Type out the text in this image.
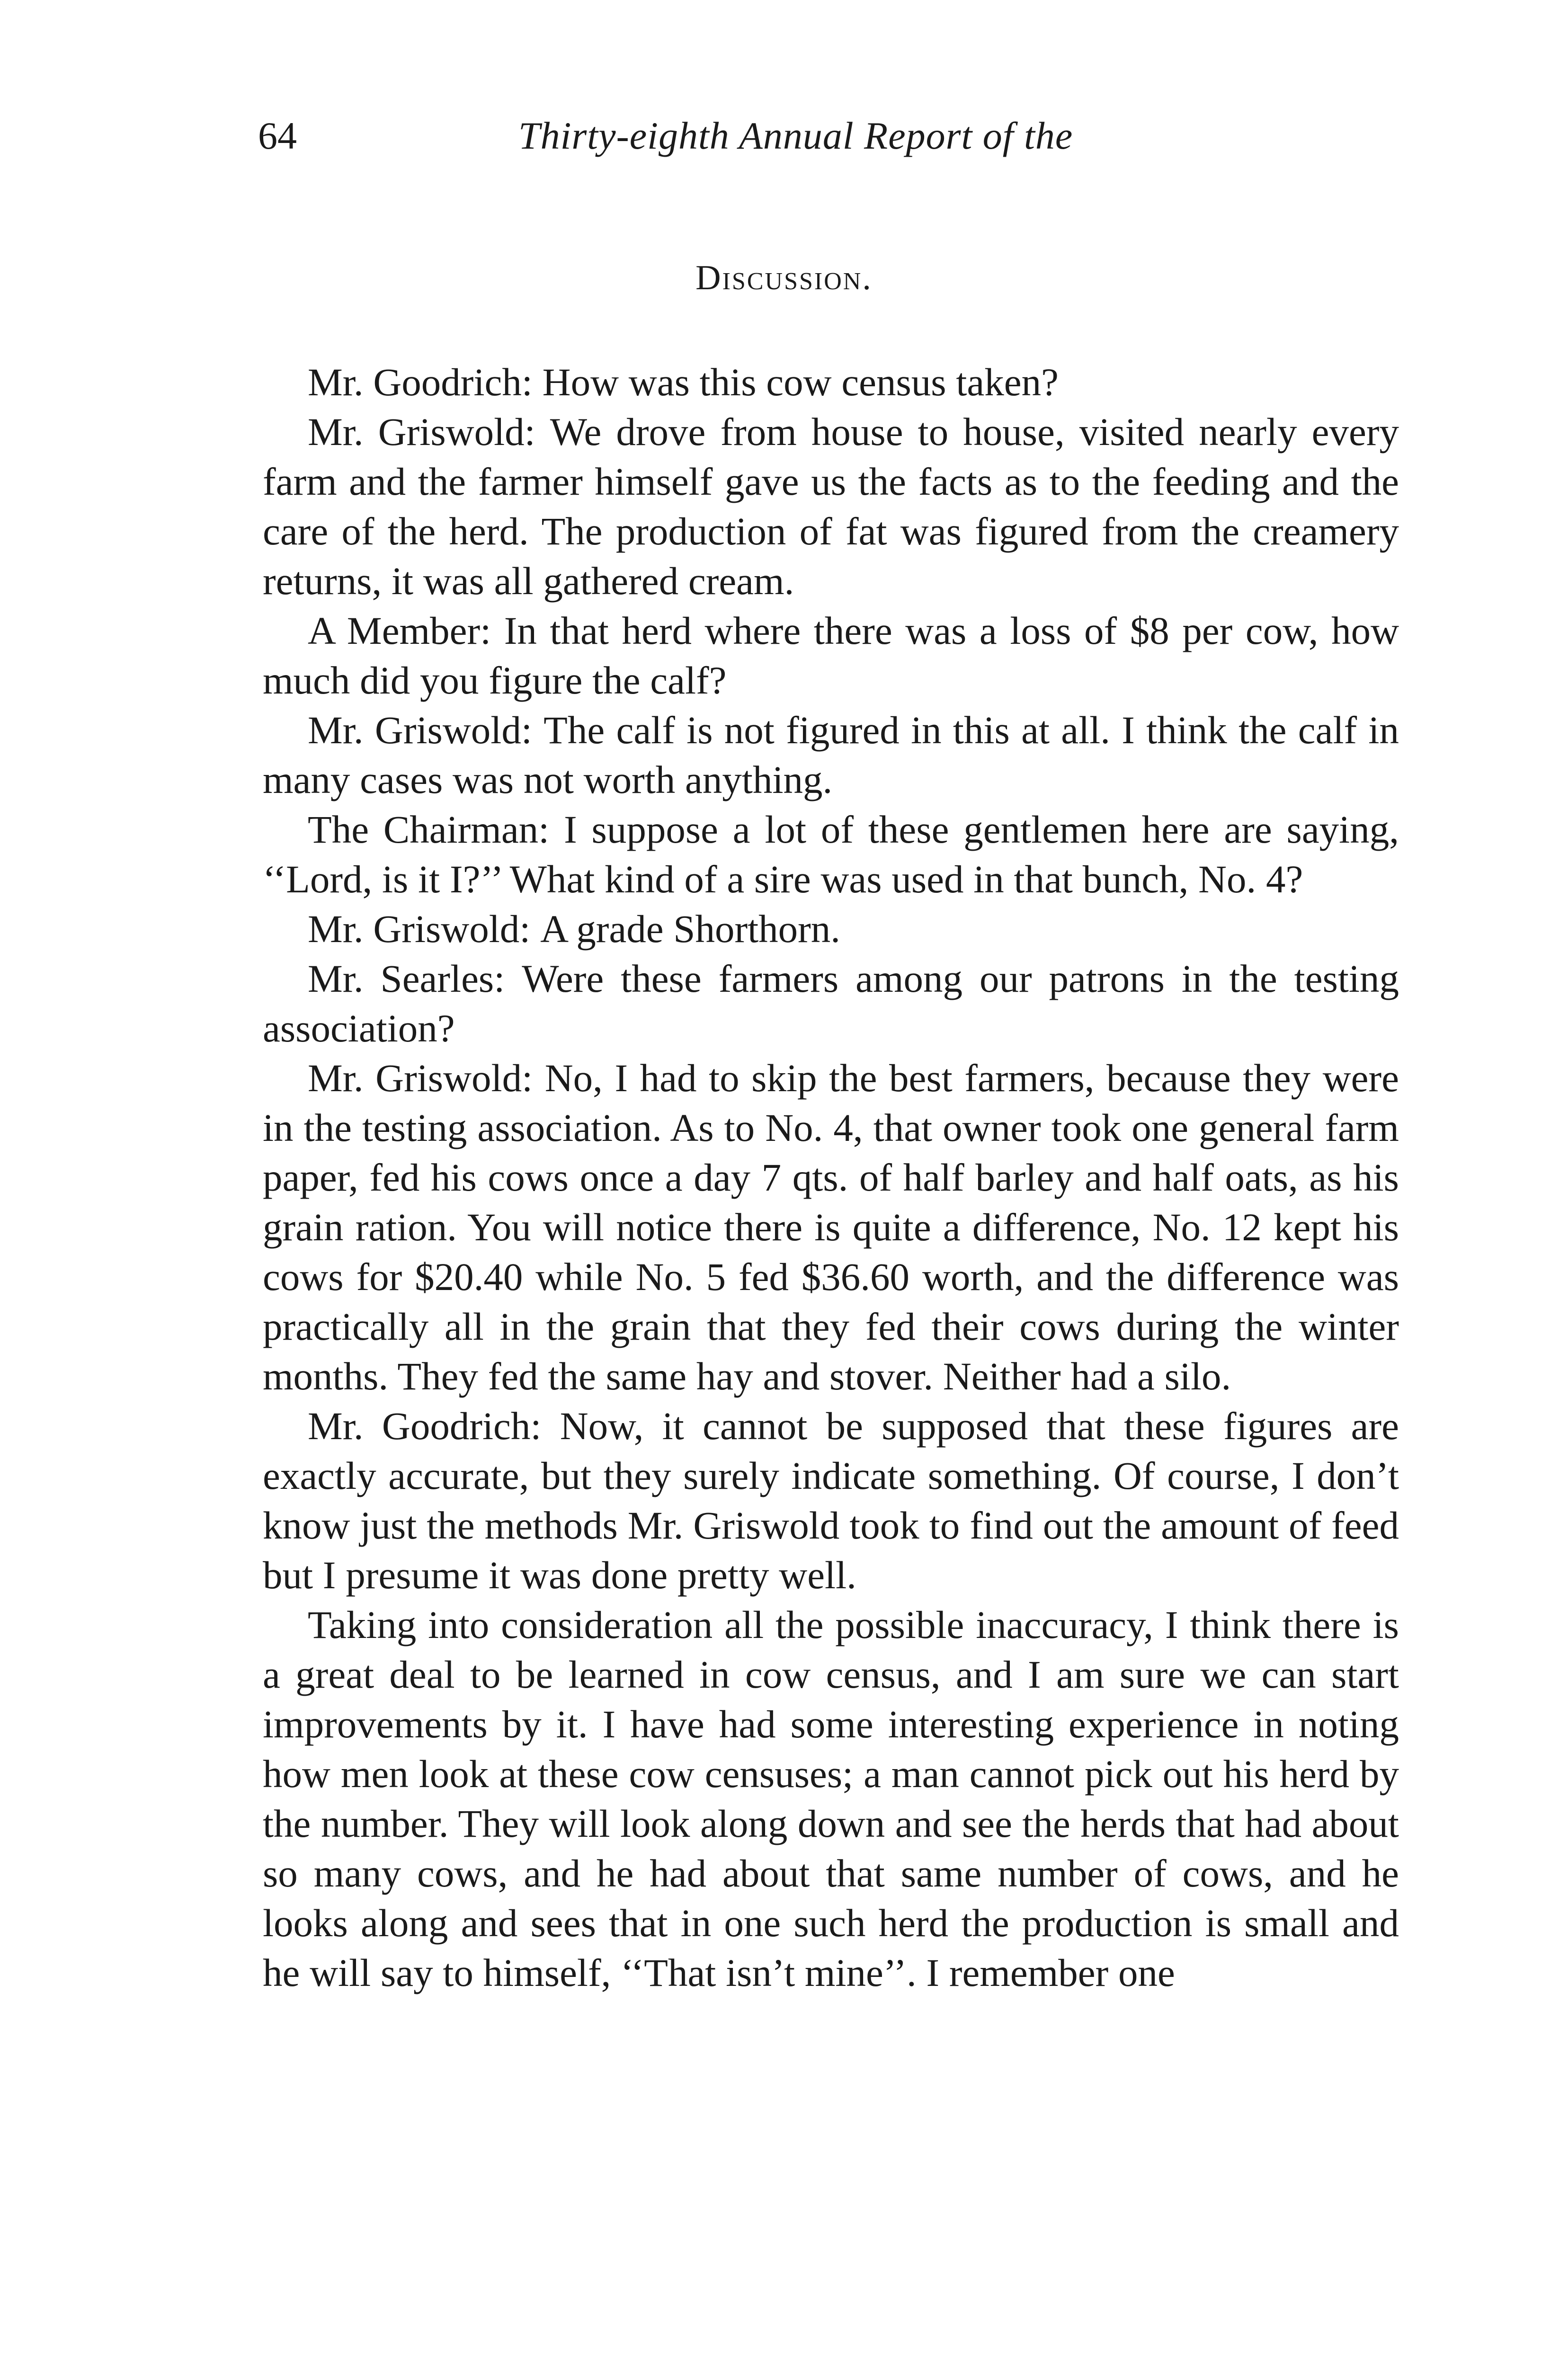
64	Thirty-eighth Annual Report of the
Discussion.

Mr. Goodrich: How was this cow census taken?

Mr. Griswold: We drove from house to house, visited nearly every farm and the farmer himself gave us the facts as to the feeding and the care of the herd. The production of fat was figured from the creamery returns, it was all gathered cream.

A Member: In that herd where there was a loss of $8 per cow, how much did you figure the calf?

Mr. Griswold: The calf is not figured in this at all. I think the calf in many cases was not worth anything.

The Chairman: I suppose a lot of these gentlemen here are saying, ‘‘Lord, is it I?’’ What kind of a sire was used in that bunch, No. 4?

Mr. Griswold: A grade Shorthorn.

Mr. Searles: Were these farmers among our patrons in the testing association?

Mr. Griswold: No, I had to skip the best farmers, because they were in the testing association. As to No. 4, that owner took one general farm paper, fed his cows once a day 7 qts. of half barley and half oats, as his grain ration. You will notice there is quite a difference, No. 12 kept his cows for $20.40 while No. 5 fed $36.60 worth, and the difference was practically all in the grain that they fed their cows during the winter months. They fed the same hay and stover. Neither had a silo.

Mr. Goodrich: Now, it cannot be supposed that these figures are exactly accurate, but they surely indicate something. Of course, I don’t know just the methods Mr. Griswold took to find out the amount of feed but I presume it was done pretty well.

Taking into consideration all the possible inaccuracy, I think there is a great deal to be learned in cow census, and I am sure we can start improvements by it. I have had some interesting experience in noting how men look at these cow censuses; a man cannot pick out his herd by the number. They will look along down and see the herds that had about so many cows, and he had about that same number of cows, and he looks along and sees that in one such herd the production is small and he will say to himself, ‘‘That isn’t mine’’. I remember one
